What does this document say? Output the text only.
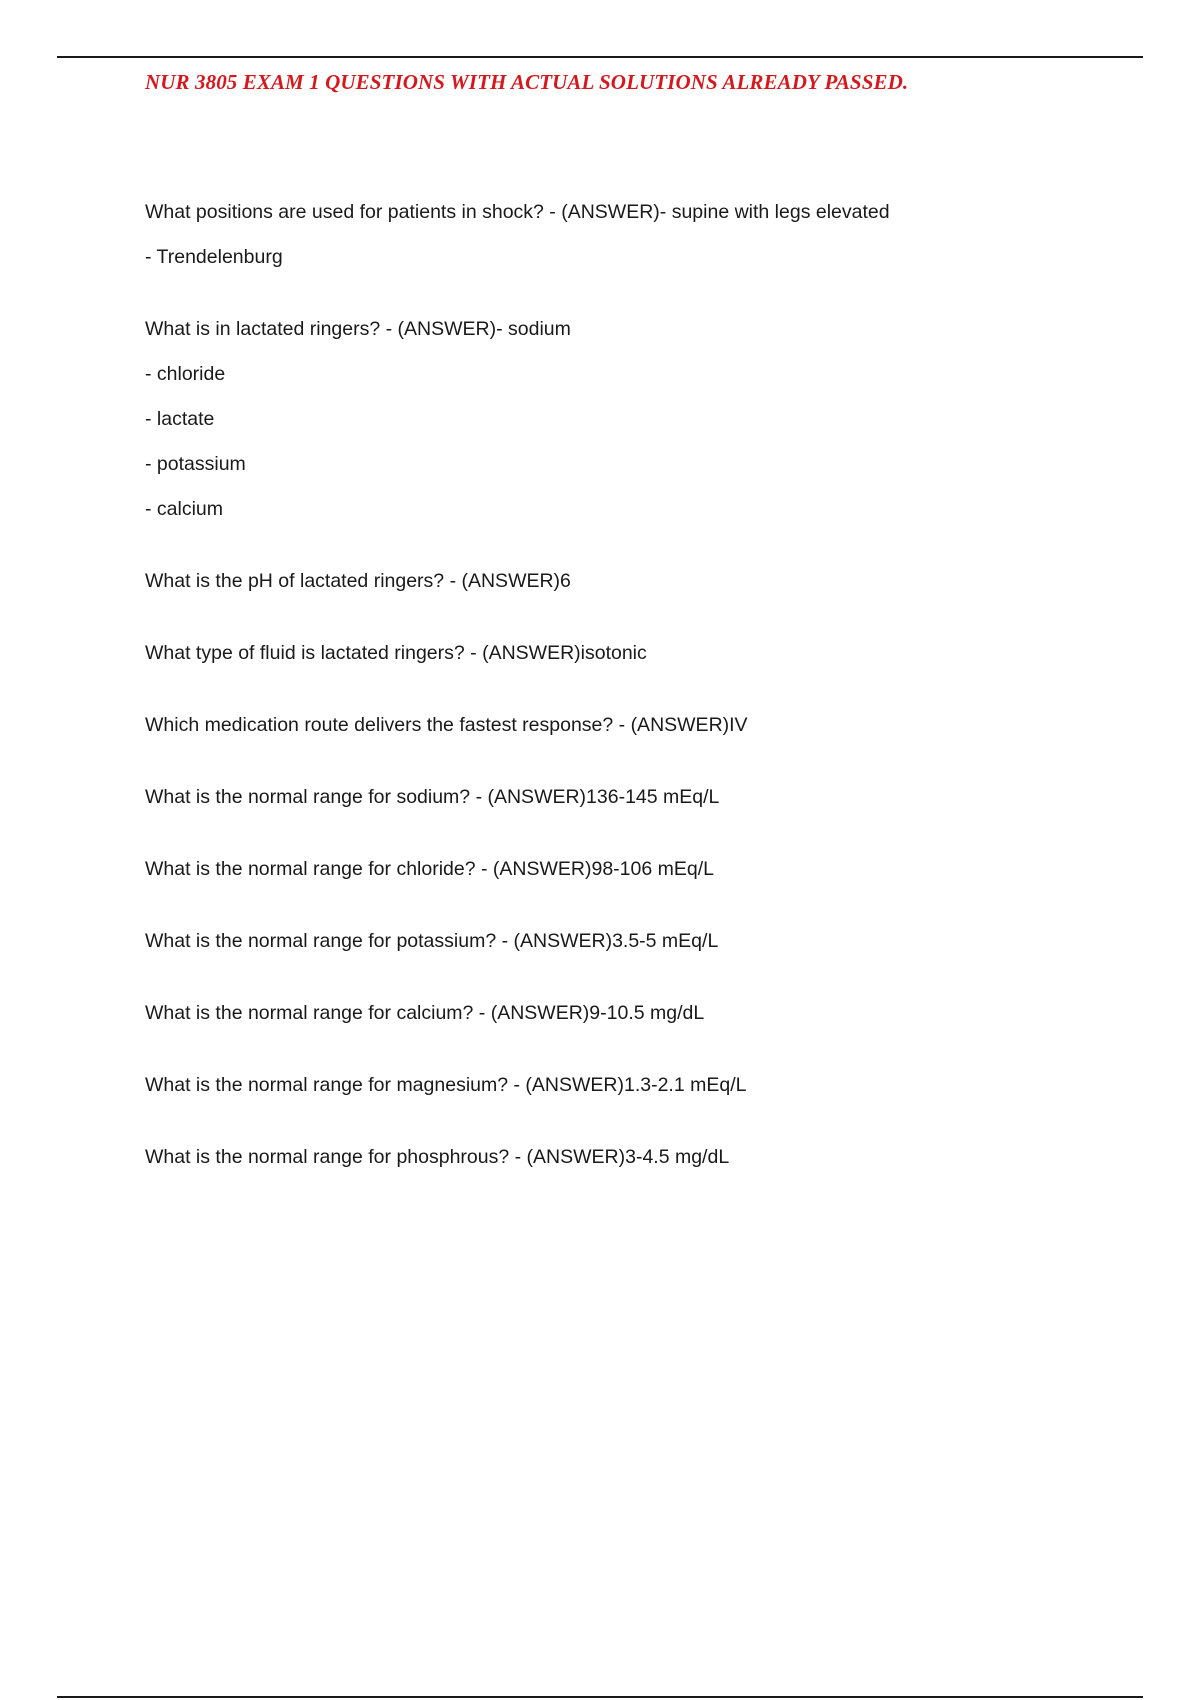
NUR 3805 EXAM 1 QUESTIONS WITH ACTUAL SOLUTIONS ALREADY PASSED.

What positions are used for patients in shock? - (ANSWER)- supine with legs elevated

- Trendelenburg

What is in lactated ringers? - (ANSWER)- sodium

- chloride

- lactate

- potassium

- calcium

What is the pH of lactated ringers? - (ANSWER)6

What type of fluid is lactated ringers? - (ANSWER)isotonic

Which medication route delivers the fastest response? - (ANSWER)IV

What is the normal range for sodium? - (ANSWER)136-145 mEq/L

What is the normal range for chloride? - (ANSWER)98-106 mEq/L

What is the normal range for potassium? - (ANSWER)3.5-5 mEq/L

What is the normal range for calcium? - (ANSWER)9-10.5 mg/dL

What is the normal range for magnesium? - (ANSWER)1.3-2.1 mEq/L

What is the normal range for phosphrous? - (ANSWER)3-4.5 mg/dL
